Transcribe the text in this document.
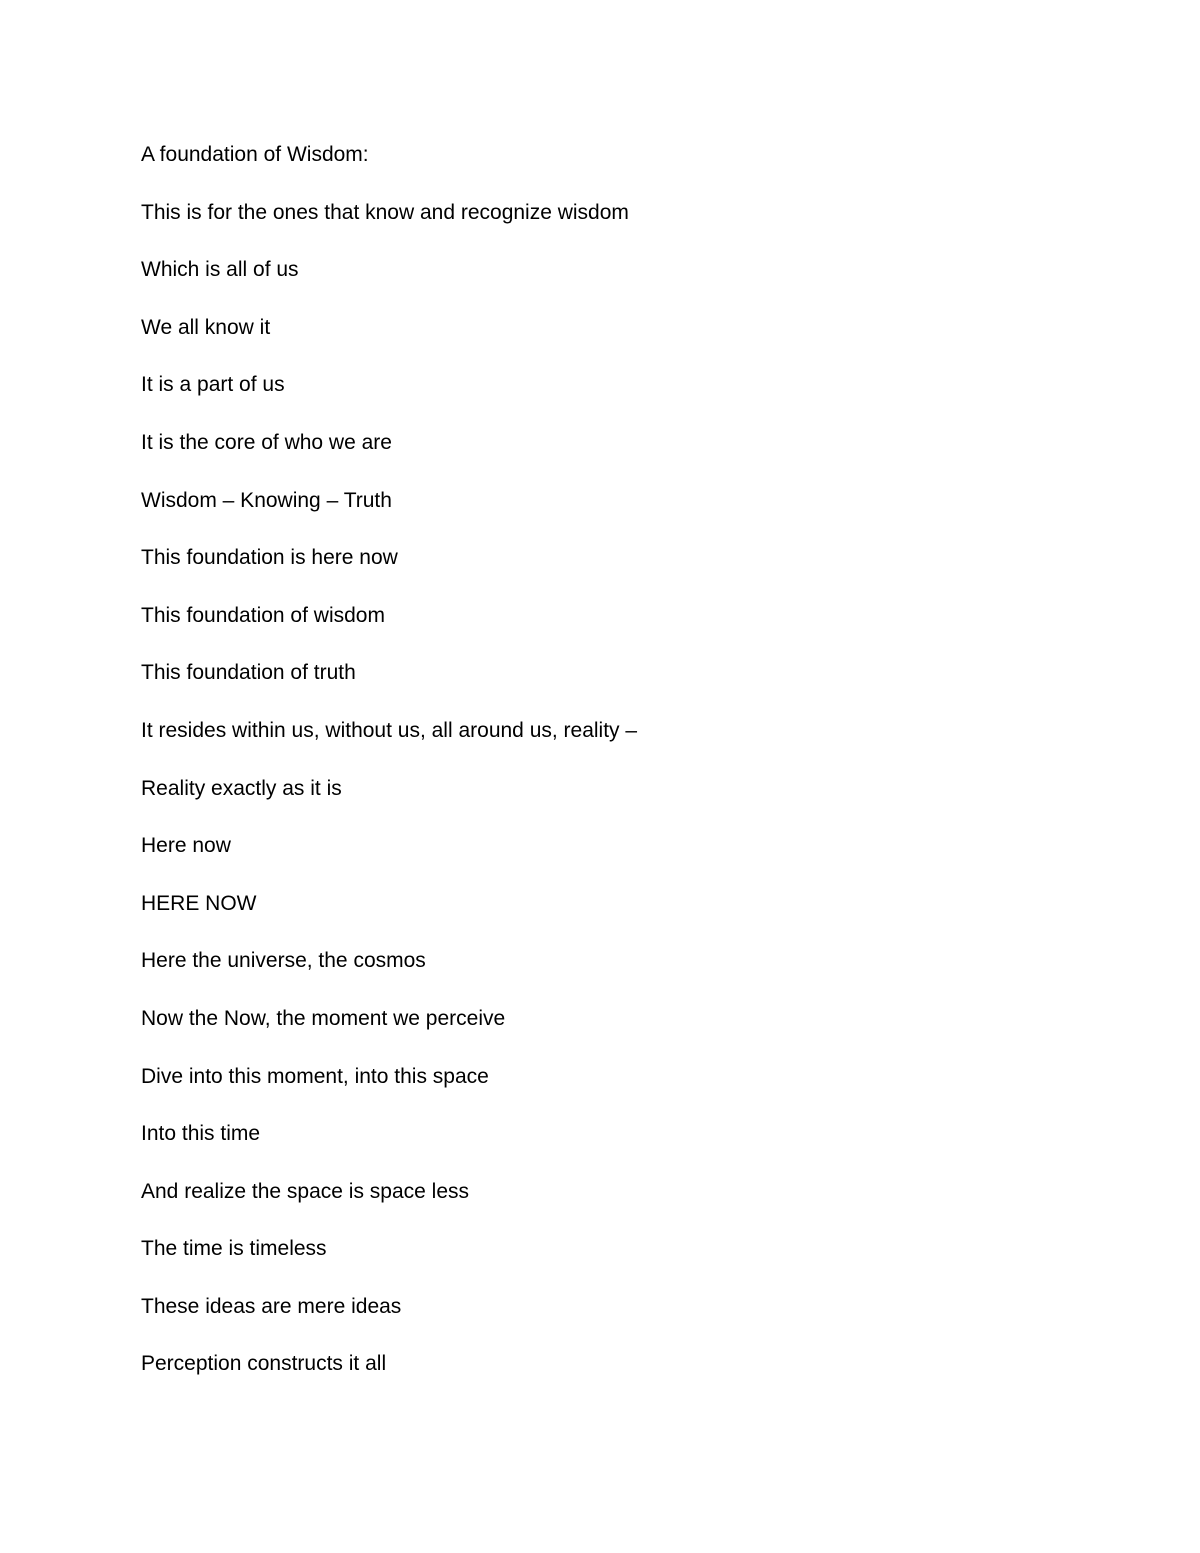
A foundation of Wisdom:

This is for the ones that know and recognize wisdom

Which is all of us

We all know it

It is a part of us

It is the core of who we are

Wisdom – Knowing – Truth

This foundation is here now

This foundation of wisdom

This foundation of truth

It resides within us, without us, all around us, reality –

Reality exactly as it is

Here now

HERE NOW

Here the universe, the cosmos

Now the Now, the moment we perceive

Dive into this moment, into this space

Into this time

And realize the space is space less

The time is timeless

These ideas are mere ideas

Perception constructs it all
